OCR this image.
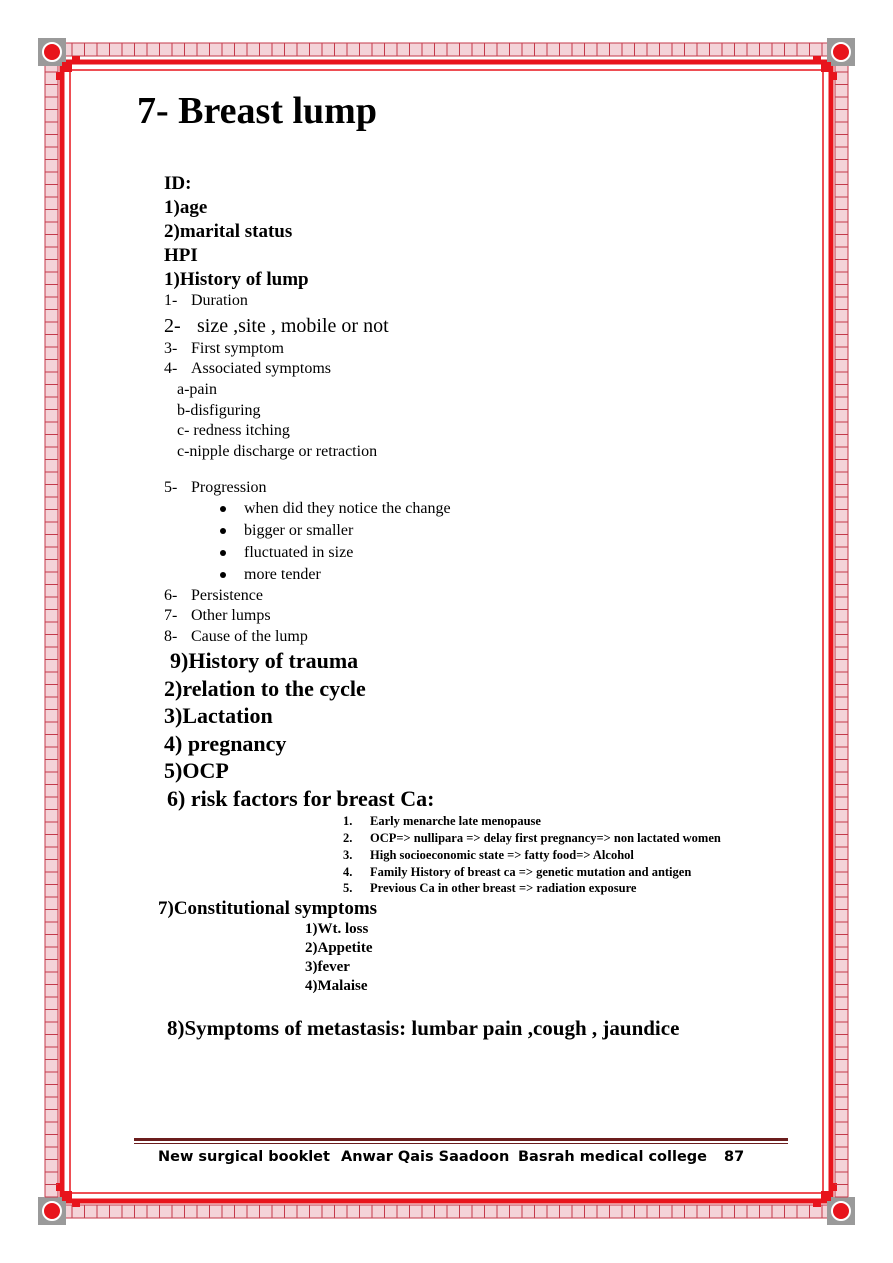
7- Breast lump
ID:
1)age
2)marital status
HPI
1)History of lump
1- Duration
2- size ,site , mobile or not
3- First symptom
4- Associated symptoms
a-pain
b-disfiguring
c- redness itching
c-nipple discharge or retraction
5- Progression
when did they notice the change
bigger or smaller
fluctuated in size
more tender
6- Persistence
7- Other lumps
8- Cause of the lump
9)History of trauma
2)relation to the cycle
3)Lactation
4) pregnancy
5)OCP
6) risk factors for breast Ca:
1. Early menarche late menopause
2. OCP=> nullipara => delay first pregnancy=> non lactated women
3. High socioeconomic state => fatty food=> Alcohol
4. Family History of breast ca => genetic mutation and antigen
5. Previous Ca in other breast => radiation exposure
7)Constitutional symptoms
1)Wt. loss
2)Appetite
3)fever
4)Malaise
8)Symptoms of metastasis: lumbar pain ,cough , jaundice
New surgical booklet Anwar Qais Saadoon Basrah medical college 87
